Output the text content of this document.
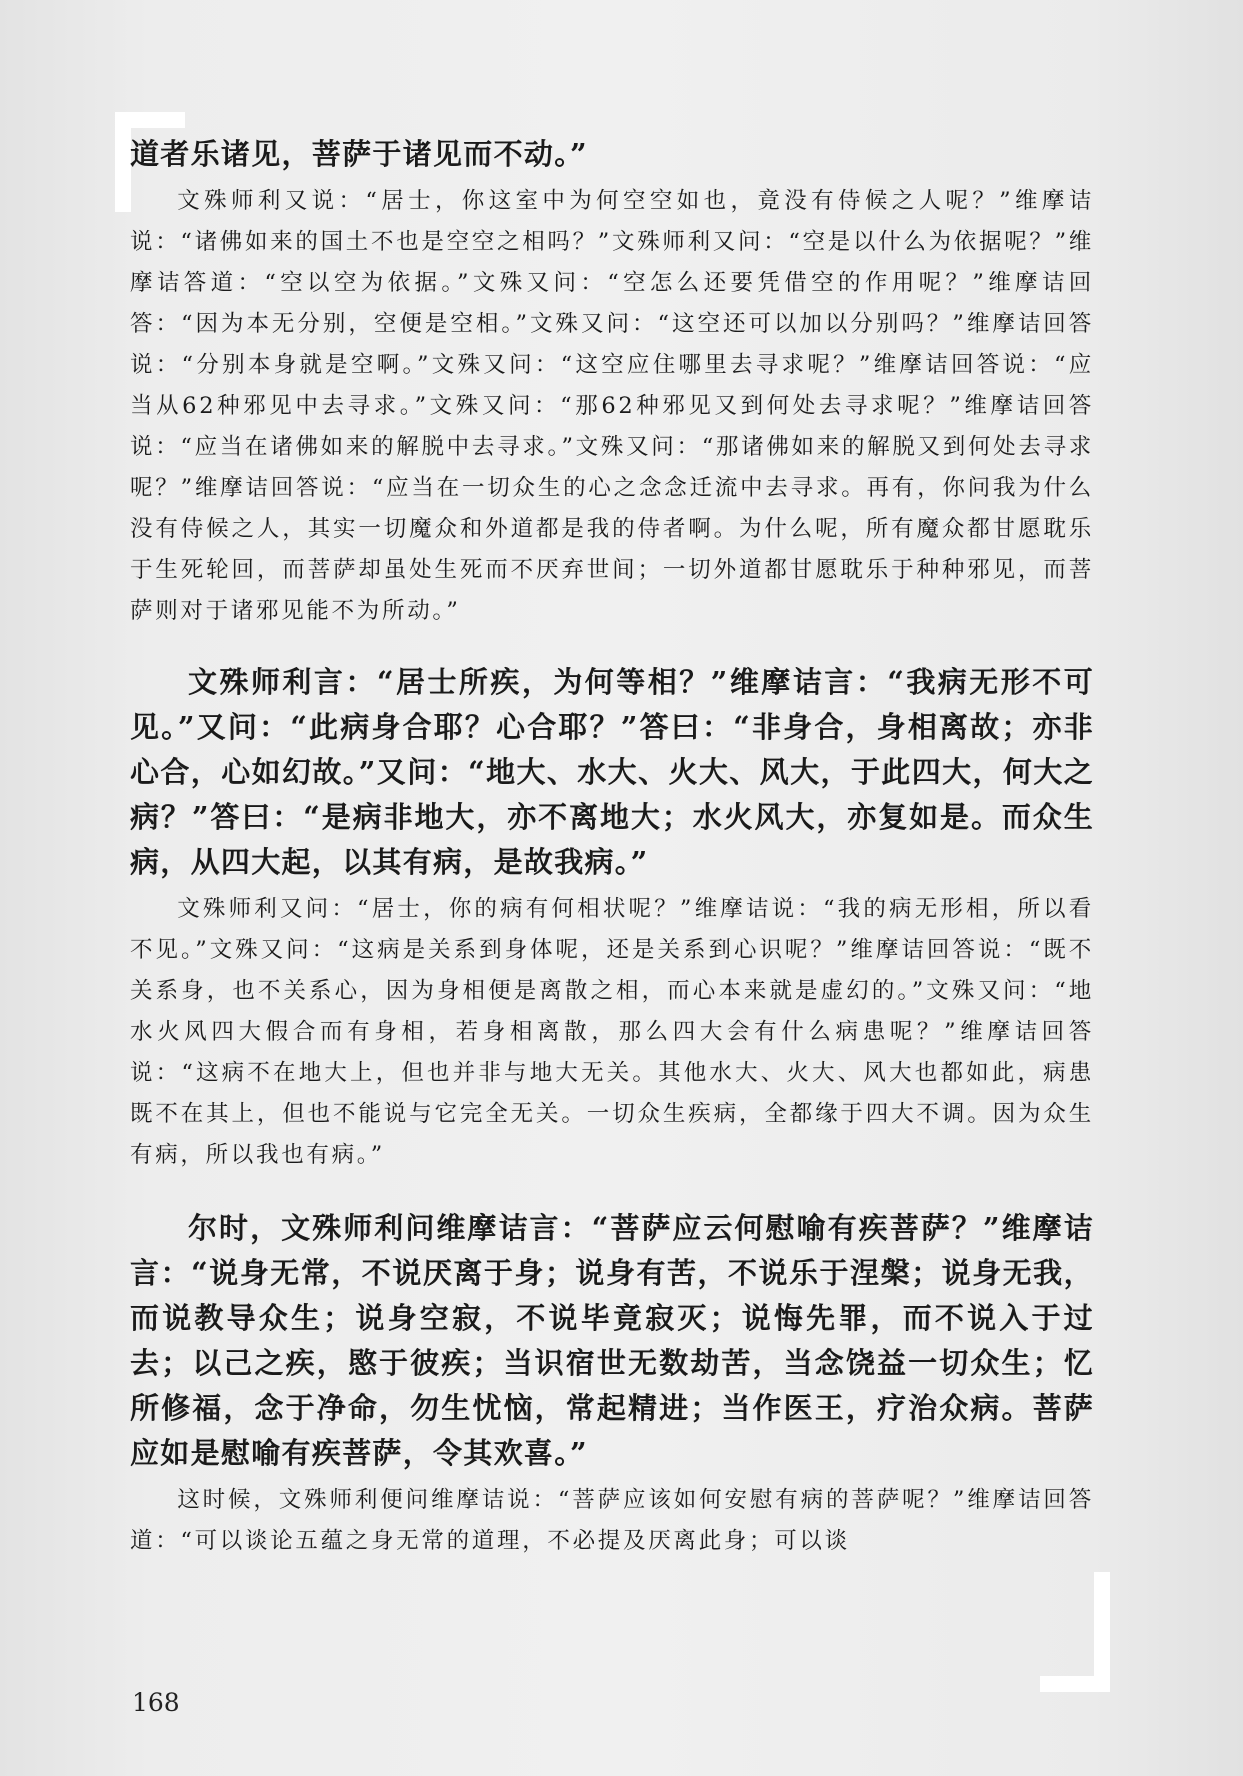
道者乐诸见，菩萨于诸见而不动。”

文殊师利又说：“居士，你这室中为何空空如也，竟没有侍候之人呢？”维摩诘说：“诸佛如来的国土不也是空空之相吗？”文殊师利又问：“空是以什么为依据呢？”维摩诘答道：“空以空为依据。”文殊又问：“空怎么还要凭借空的作用呢？”维摩诘回答：“因为本无分别，空便是空相。”文殊又问：“这空还可以加以分别吗？”维摩诘回答说：“分别本身就是空啊。”文殊又问：“这空应住哪里去寻求呢？”维摩诘回答说：“应当从62种邪见中去寻求。”文殊又问：“那62种邪见又到何处去寻求呢？”维摩诘回答说：“应当在诸佛如来的解脱中去寻求。”文殊又问：“那诸佛如来的解脱又到何处去寻求呢？”维摩诘回答说：“应当在一切众生的心之念念迁流中去寻求。再有，你问我为什么没有侍候之人，其实一切魔众和外道都是我的侍者啊。为什么呢，所有魔众都甘愿耽乐于生死轮回，而菩萨却虽处生死而不厌弃世间；一切外道都甘愿耽乐于种种邪见，而菩萨则对于诸邪见能不为所动。”

文殊师利言：“居士所疾，为何等相？”维摩诘言：“我病无形不可见。”又问：“此病身合耶？心合耶？”答曰：“非身合，身相离故；亦非心合，心如幻故。”又问：“地大、水大、火大、风大，于此四大，何大之病？”答曰：“是病非地大，亦不离地大；水火风大，亦复如是。而众生病，从四大起，以其有病，是故我病。”

文殊师利又问：“居士，你的病有何相状呢？”维摩诘说：“我的病无形相，所以看不见。”文殊又问：“这病是关系到身体呢，还是关系到心识呢？”维摩诘回答说：“既不关系身，也不关系心，因为身相便是离散之相，而心本来就是虚幻的。”文殊又问：“地水火风四大假合而有身相，若身相离散，那么四大会有什么病患呢？”维摩诘回答说：“这病不在地大上，但也并非与地大无关。其他水大、火大、风大也都如此，病患既不在其上，但也不能说与它完全无关。一切众生疾病，全都缘于四大不调。因为众生有病，所以我也有病。”

尔时，文殊师利问维摩诘言：“菩萨应云何慰喻有疾菩萨？”维摩诘言：“说身无常，不说厌离于身；说身有苦，不说乐于涅槃；说身无我，而说教导众生；说身空寂，不说毕竟寂灭；说悔先罪，而不说入于过去；以己之疾，愍于彼疾；当识宿世无数劫苦，当念饶益一切众生；忆所修福，念于净命，勿生忧恼，常起精进；当作医王，疗治众病。菩萨应如是慰喻有疾菩萨，令其欢喜。”

这时候，文殊师利便问维摩诘说：“菩萨应该如何安慰有病的菩萨呢？”维摩诘回答道：“可以谈论五蕴之身无常的道理，不必提及厌离此身；可以谈

168
